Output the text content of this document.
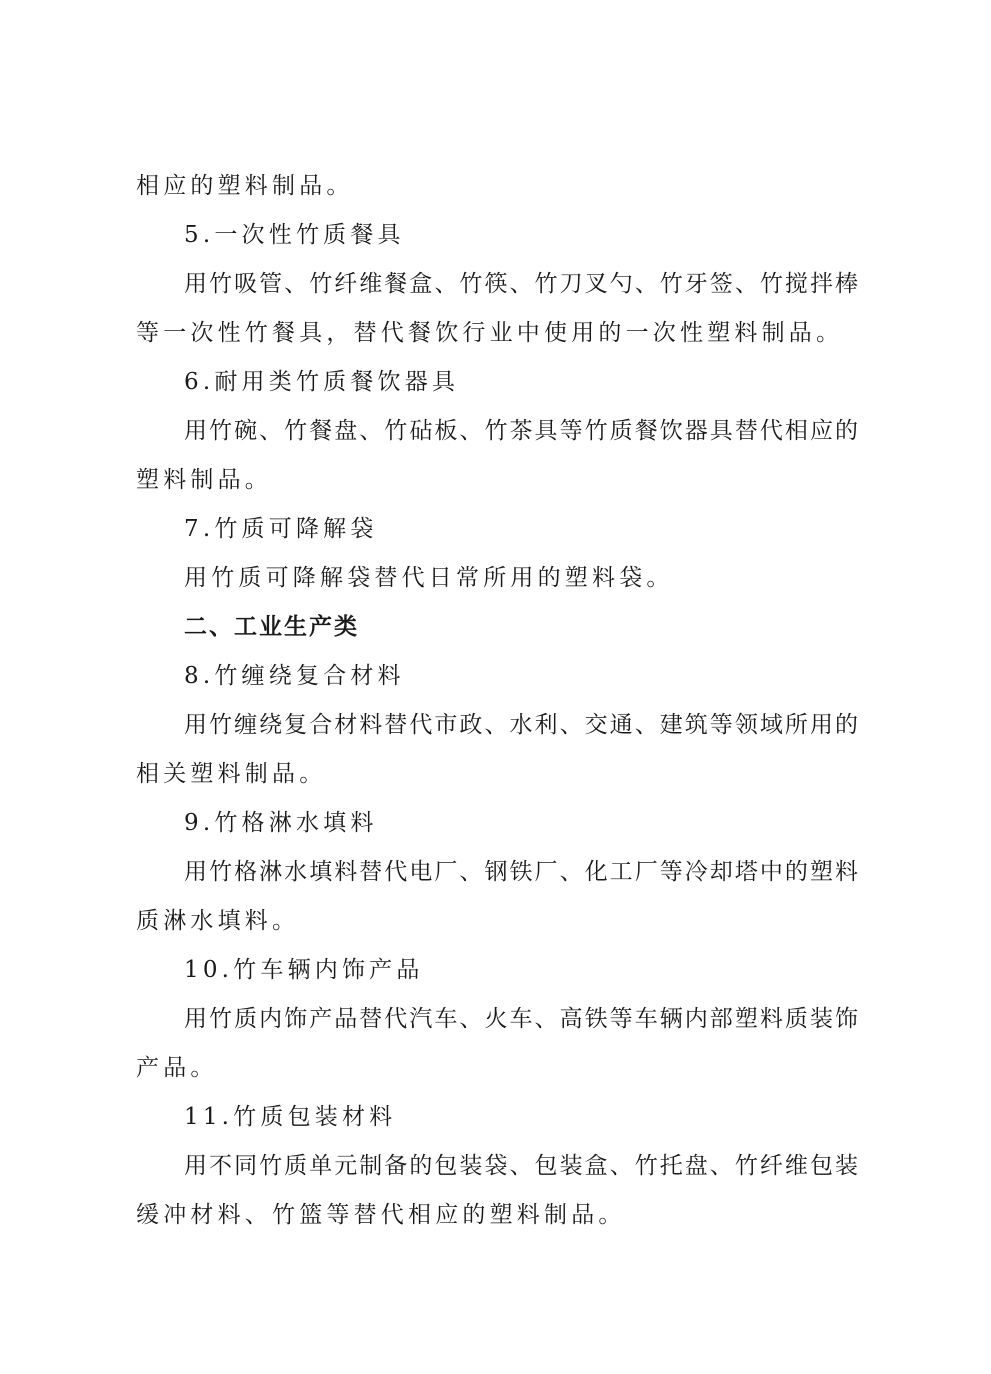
相应的塑料制品。
5.一次性竹质餐具
用竹吸管、竹纤维餐盒、竹筷、竹刀叉勺、竹牙签、竹搅拌棒
等一次性竹餐具，替代餐饮行业中使用的一次性塑料制品。
6.耐用类竹质餐饮器具
用竹碗、竹餐盘、竹砧板、竹茶具等竹质餐饮器具替代相应的
塑料制品。
7.竹质可降解袋
用竹质可降解袋替代日常所用的塑料袋。
二、工业生产类
8.竹缠绕复合材料
用竹缠绕复合材料替代市政、水利、交通、建筑等领域所用的
相关塑料制品。
9.竹格淋水填料
用竹格淋水填料替代电厂、钢铁厂、化工厂等冷却塔中的塑料
质淋水填料。
10.竹车辆内饰产品
用竹质内饰产品替代汽车、火车、高铁等车辆内部塑料质装饰
产品。
11.竹质包装材料
用不同竹质单元制备的包装袋、包装盒、竹托盘、竹纤维包装
缓冲材料、竹篮等替代相应的塑料制品。
